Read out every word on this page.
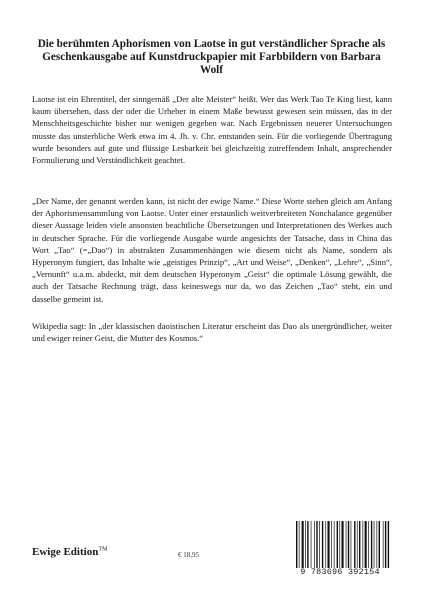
Die berühmten Aphorismen von Laotse in gut verständlicher Sprache als Geschenkausgabe auf Kunstdruckpapier mit Farbbildern von Barbara Wolf

Laotse ist ein Ehrentitel, der sinngemäß „Der alte Meister“ heißt. Wer das Werk Tao Te King liest, kann kaum übersehen, dass der oder die Urheber in einem Maße bewusst gewesen sein müssen, das in der Menschheitsgeschichte bisher nur wenigen gegeben war. Nach Ergebnissen neuerer Untersuchungen musste das unsterbliche Werk etwa im 4. Jh. v. Chr. entstanden sein. Für die vorliegende Übertragung wurde besonders auf gute und flüssige Lesbarkeit bei gleichzeitig zutreffendem Inhalt, ansprechender Formulierung und Verständlichkeit geachtet.

„Der Name, der genannt werden kann, ist nicht der ewige Name.“ Diese Worte stehen gleich am Anfang der Aphorismensammlung von Laotse. Unter einer erstaunlich weitverbreiteten Nonchalance gegenüber dieser Aussage leiden viele ansonsten beachtliche Übersetzungen und Interpretationen des Werkes auch in deutscher Sprache. Für die vorliegende Ausgabe wurde angesichts der Tatsache, dass in China das Wort „Tao“ (=„Dao“) in abstrakten Zusammenhängen wie diesem nicht als Name, sondern als Hyperonym fungiert, das Inhalte wie „geistiges Prinzip“, „Art und Weise“, „Denken“, „Lehre“, „Sinn“, „Vernunft“ u.a.m. abdeckt, mit dem deutschen Hyperonym „Geist“ die optimale Lösung gewählt, die auch der Tatsache Rechnung trägt, dass keineswegs nur da, wo das Zeichen „Tao“ steht, ein und dasselbe gemeint ist.

Wikipedia sagt: In „der klassischen daoistischen Literatur erscheint das Dao als unergründlicher, weiter und ewiger reiner Geist, die Mutter des Kosmos.“

Ewige Edition™
€ 18,95
9 783696 392154
